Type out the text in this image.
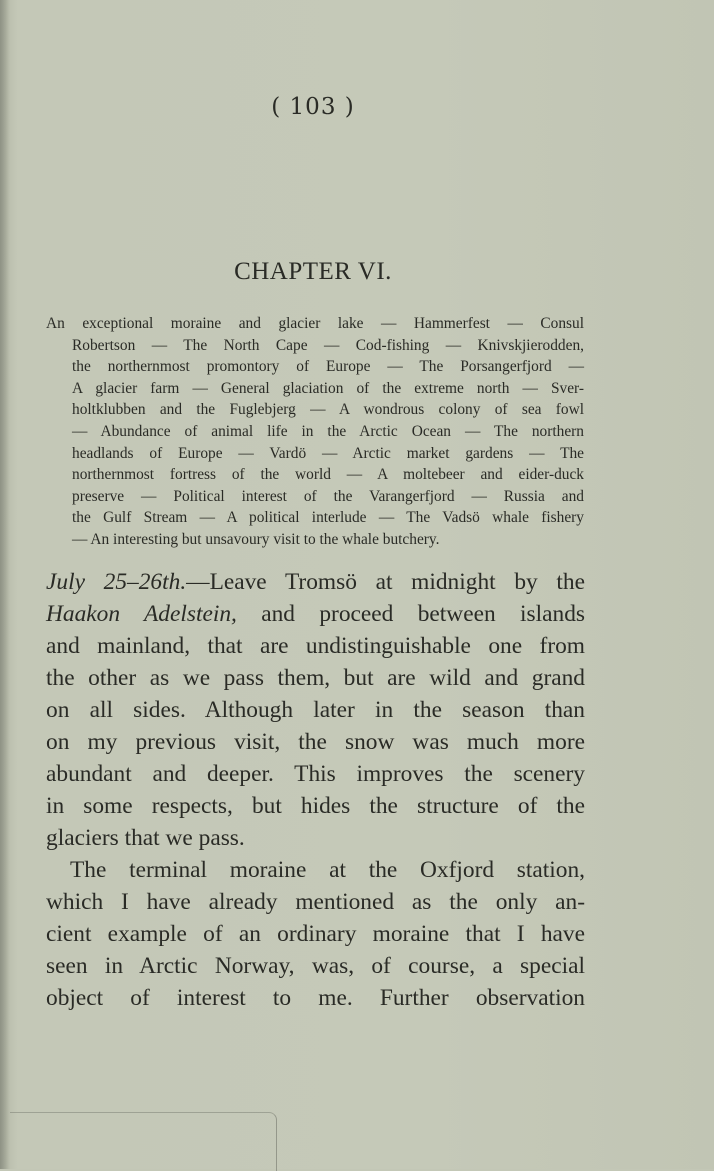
( 103 )
CHAPTER VI.
An exceptional moraine and glacier lake — Hammerfest — Consul
Robertson — The North Cape — Cod-fishing — Knivskjierodden,
the northernmost promontory of Europe — The Porsangerfjord —
A glacier farm — General glaciation of the extreme north — Sver-
holtklubben and the Fuglebjerg — A wondrous colony of sea fowl
— Abundance of animal life in the Arctic Ocean — The northern
headlands of Europe — Vardö — Arctic market gardens — The
northernmost fortress of the world — A moltebeer and eider-duck
preserve — Political interest of the Varangerfjord — Russia and
the Gulf Stream — A political interlude — The Vadsö whale fishery
— An interesting but unsavoury visit to the whale butchery.
July 25–26th.—Leave Tromsö at midnight by the
Haakon Adelstein, and proceed between islands
and mainland, that are undistinguishable one from
the other as we pass them, but are wild and grand
on all sides. Although later in the season than
on my previous visit, the snow was much more
abundant and deeper. This improves the scenery
in some respects, but hides the structure of the
glaciers that we pass.
The terminal moraine at the Oxfjord station,
which I have already mentioned as the only an-
cient example of an ordinary moraine that I have
seen in Arctic Norway, was, of course, a special
object of interest to me. Further observation
